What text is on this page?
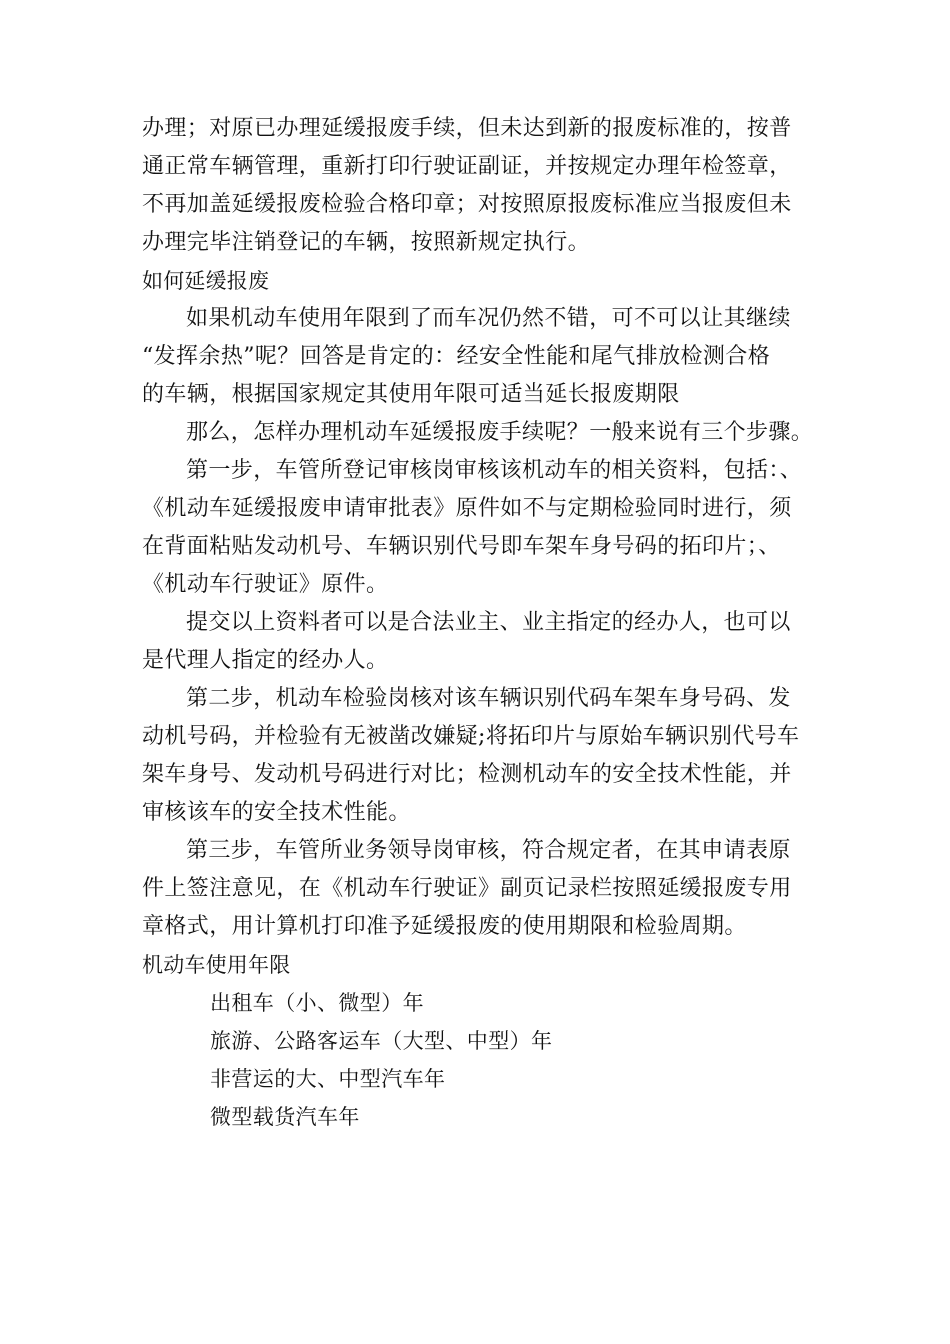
办理；对原已办理延缓报废手续，但未达到新的报废标准的，按普
通正常车辆管理，重新打印行驶证副证，并按规定办理年检签章，
不再加盖延缓报废检验合格印章；对按照原报废标准应当报废但未
办理完毕注销登记的车辆，按照新规定执行。
如何延缓报废
如果机动车使用年限到了而车况仍然不错，可不可以让其继续
“发挥余热”呢？回答是肯定的：经安全性能和尾气排放检测合格
的车辆，根据国家规定其使用年限可适当延长报废期限
那么，怎样办理机动车延缓报废手续呢？一般来说有三个步骤。
第一步，车管所登记审核岗审核该机动车的相关资料，包括：、
《机动车延缓报废申请审批表》原件如不与定期检验同时进行，须
在背面粘贴发动机号、车辆识别代号即车架车身号码的拓印片；、
《机动车行驶证》原件。
提交以上资料者可以是合法业主、业主指定的经办人，也可以
是代理人指定的经办人。
第二步，机动车检验岗核对该车辆识别代码车架车身号码、发
动机号码，并检验有无被凿改嫌疑;将拓印片与原始车辆识别代号车
架车身号、发动机号码进行对比；检测机动车的安全技术性能，并
审核该车的安全技术性能。
第三步，车管所业务领导岗审核，符合规定者，在其申请表原
件上签注意见，在《机动车行驶证》副页记录栏按照延缓报废专用
章格式，用计算机打印准予延缓报废的使用期限和检验周期。
机动车使用年限
出租车（小、微型）年
旅游、公路客运车（大型、中型）年
非营运的大、中型汽车年
微型载货汽车年
